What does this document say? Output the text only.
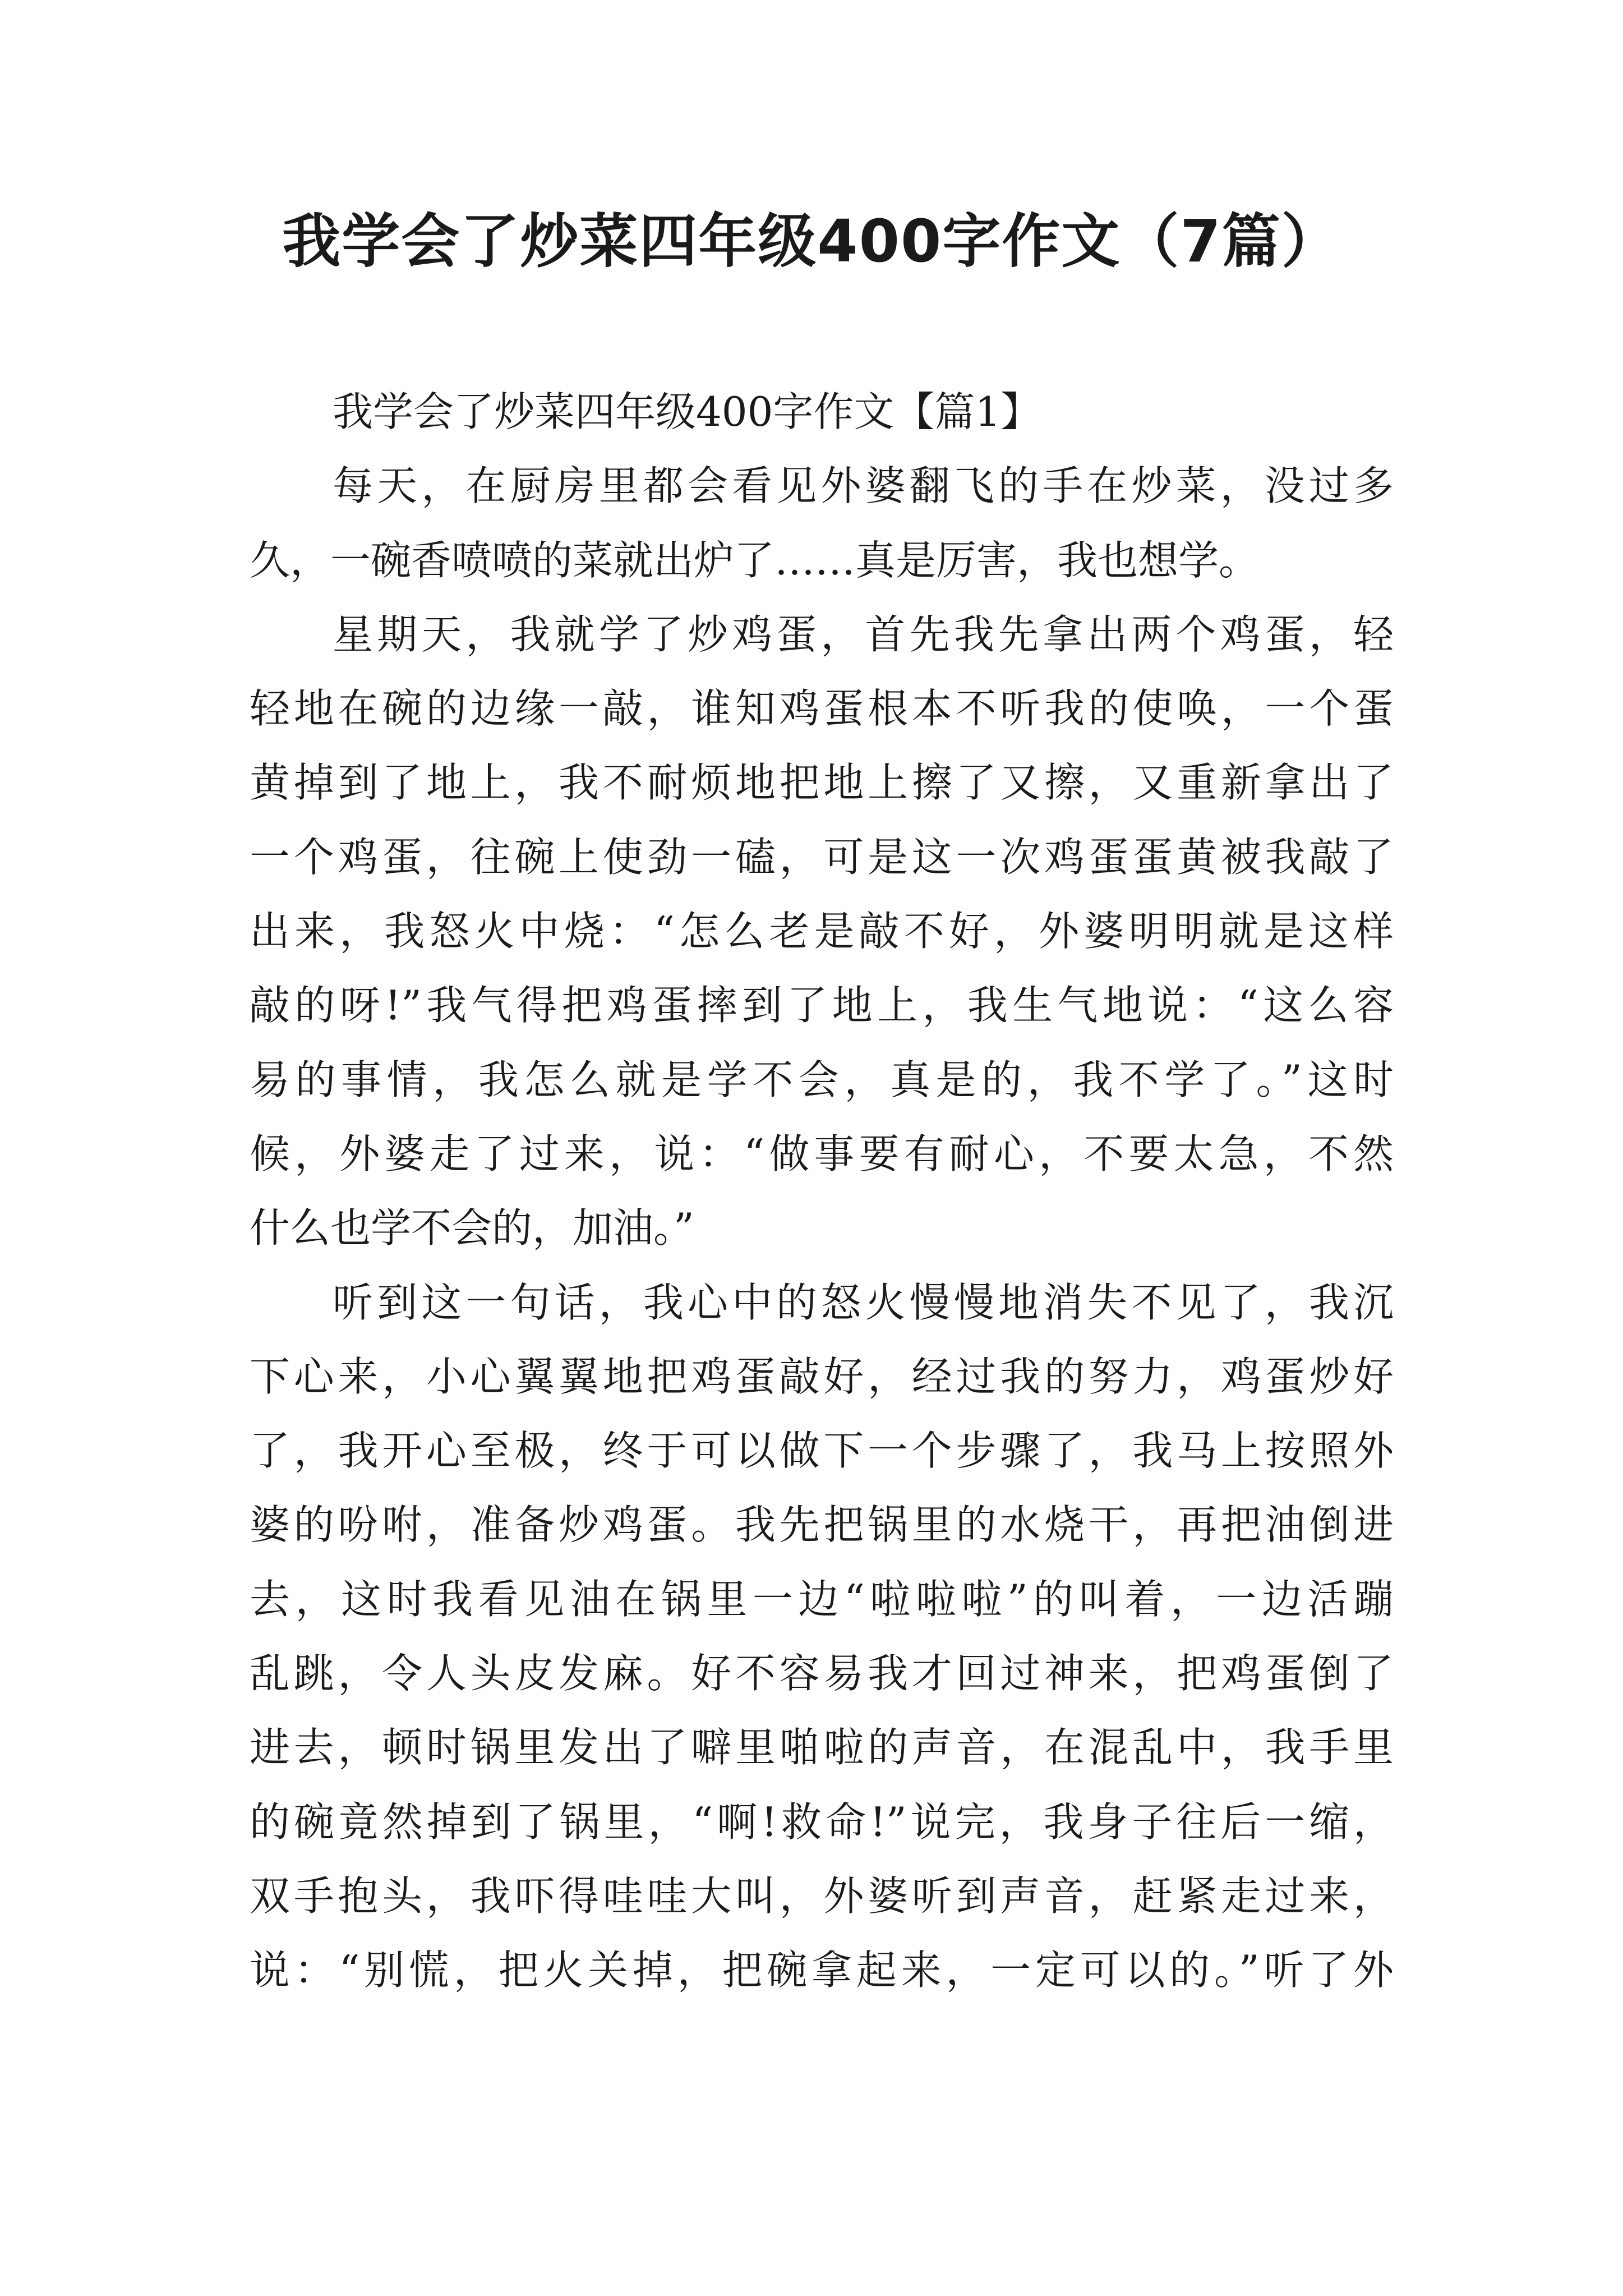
我学会了炒菜四年级400字作文（7篇）
我学会了炒菜四年级400字作文【篇1】
每天，在厨房里都会看见外婆翻飞的手在炒菜，没过多
久，一碗香喷喷的菜就出炉了……真是厉害，我也想学。
星期天，我就学了炒鸡蛋，首先我先拿出两个鸡蛋，轻
轻地在碗的边缘一敲，谁知鸡蛋根本不听我的使唤，一个蛋
黄掉到了地上，我不耐烦地把地上擦了又擦，又重新拿出了
一个鸡蛋，往碗上使劲一磕，可是这一次鸡蛋蛋黄被我敲了
出来，我怒火中烧：“怎么老是敲不好，外婆明明就是这样
敲的呀!”我气得把鸡蛋摔到了地上，我生气地说：“这么容
易的事情，我怎么就是学不会，真是的，我不学了。”这时
候，外婆走了过来，说：“做事要有耐心，不要太急，不然
什么也学不会的，加油。”
听到这一句话，我心中的怒火慢慢地消失不见了，我沉
下心来，小心翼翼地把鸡蛋敲好，经过我的努力，鸡蛋炒好
了，我开心至极，终于可以做下一个步骤了，我马上按照外
婆的吩咐，准备炒鸡蛋。我先把锅里的水烧干，再把油倒进
去，这时我看见油在锅里一边“啦啦啦”的叫着，一边活蹦
乱跳，令人头皮发麻。好不容易我才回过神来，把鸡蛋倒了
进去，顿时锅里发出了噼里啪啦的声音，在混乱中，我手里
的碗竟然掉到了锅里，“啊!救命!”说完，我身子往后一缩，
双手抱头，我吓得哇哇大叫，外婆听到声音，赶紧走过来，
说：“别慌，把火关掉，把碗拿起来，一定可以的。”听了外
